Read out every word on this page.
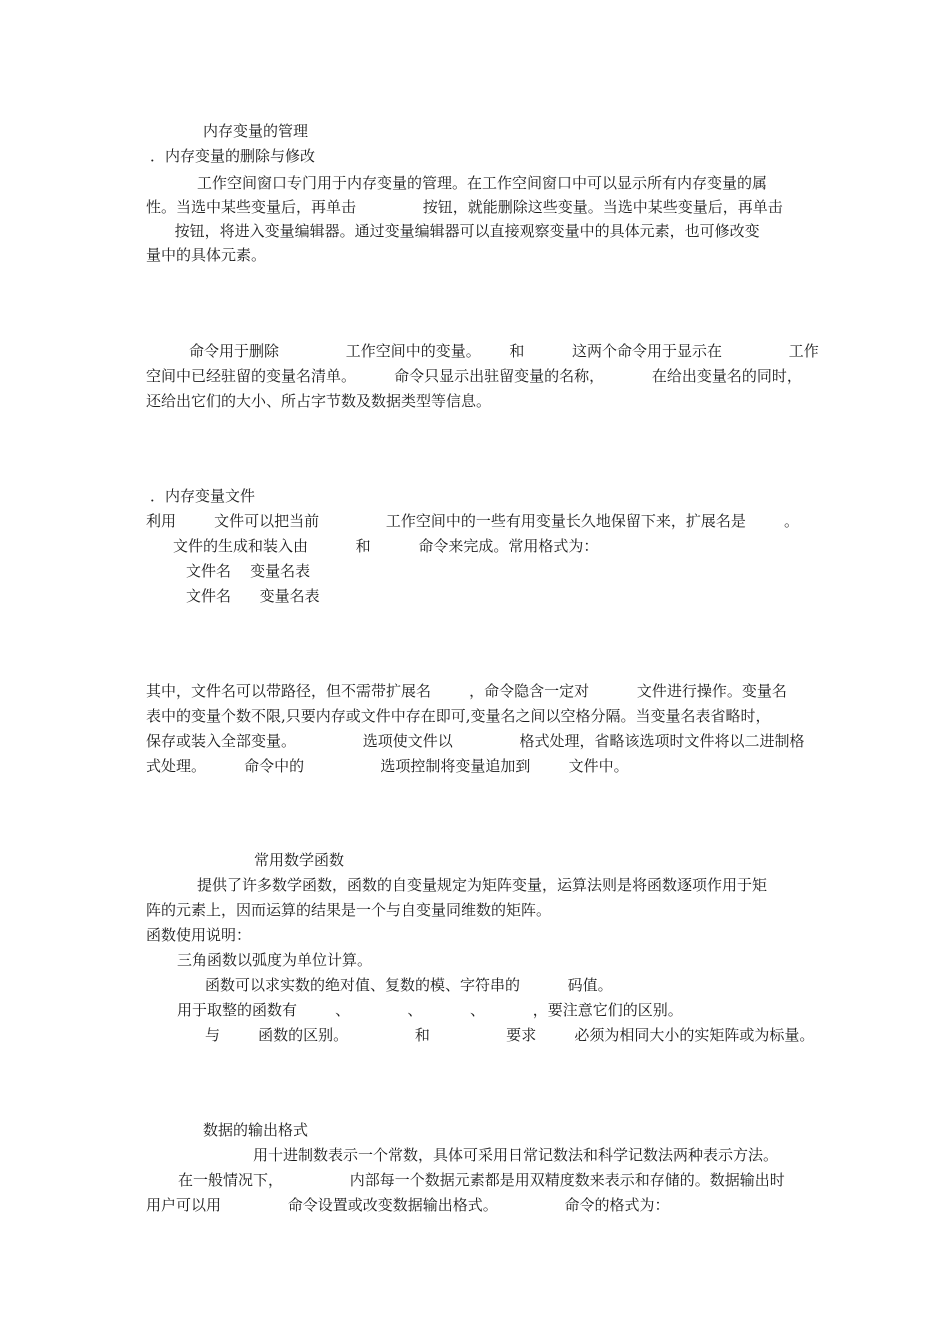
内存变量的管理

．内存变量的删除与修改

工作空间窗口专门用于内存变量的管理。在工作空间窗口中可以显示所有内存变量的属

性。当选中某些变量后，再单击              按钮，就能删除这些变量。当选中某些变量后，再单击

按钮，将进入变量编辑器。通过变量编辑器可以直接观察变量中的具体元素，也可修改变

量中的具体元素。

命令用于删除              工作空间中的变量。      和          这两个命令用于显示在              工作

空间中已经驻留的变量名清单。        命令只显示出驻留变量的名称，          在给出变量名的同时，

还给出它们的大小、所占字节数及数据类型等信息。

．内存变量文件

利用        文件可以把当前              工作空间中的一些有用变量长久地保留下来，扩展名是        。

文件的生成和装入由          和          命令来完成。常用格式为：

文件名    变量名表

文件名      变量名表

其中，文件名可以带路径，但不需带扩展名        ，命令隐含一定对          文件进行操作。变量名

表中的变量个数不限,只要内存或文件中存在即可,变量名之间以空格分隔。当变量名表省略时，

保存或装入全部变量。              选项使文件以              格式处理，省略该选项时文件将以二进制格

式处理。        命令中的                选项控制将变量追加到        文件中。

常用数学函数

提供了许多数学函数，函数的自变量规定为矩阵变量，运算法则是将函数逐项作用于矩

阵的元素上，因而运算的结果是一个与自变量同维数的矩阵。

函数使用说明：

三角函数以弧度为单位计算。

函数可以求实数的绝对值、复数的模、字符串的          码值。

用于取整的函数有        、            、          、          ，要注意它们的区别。

与        函数的区别。              和                要求        必须为相同大小的实矩阵或为标量。

数据的输出格式

用十进制数表示一个常数，具体可采用日常记数法和科学记数法两种表示方法。

在一般情况下，              内部每一个数据元素都是用双精度数来表示和存储的。数据输出时

用户可以用              命令设置或改变数据输出格式。              命令的格式为：
